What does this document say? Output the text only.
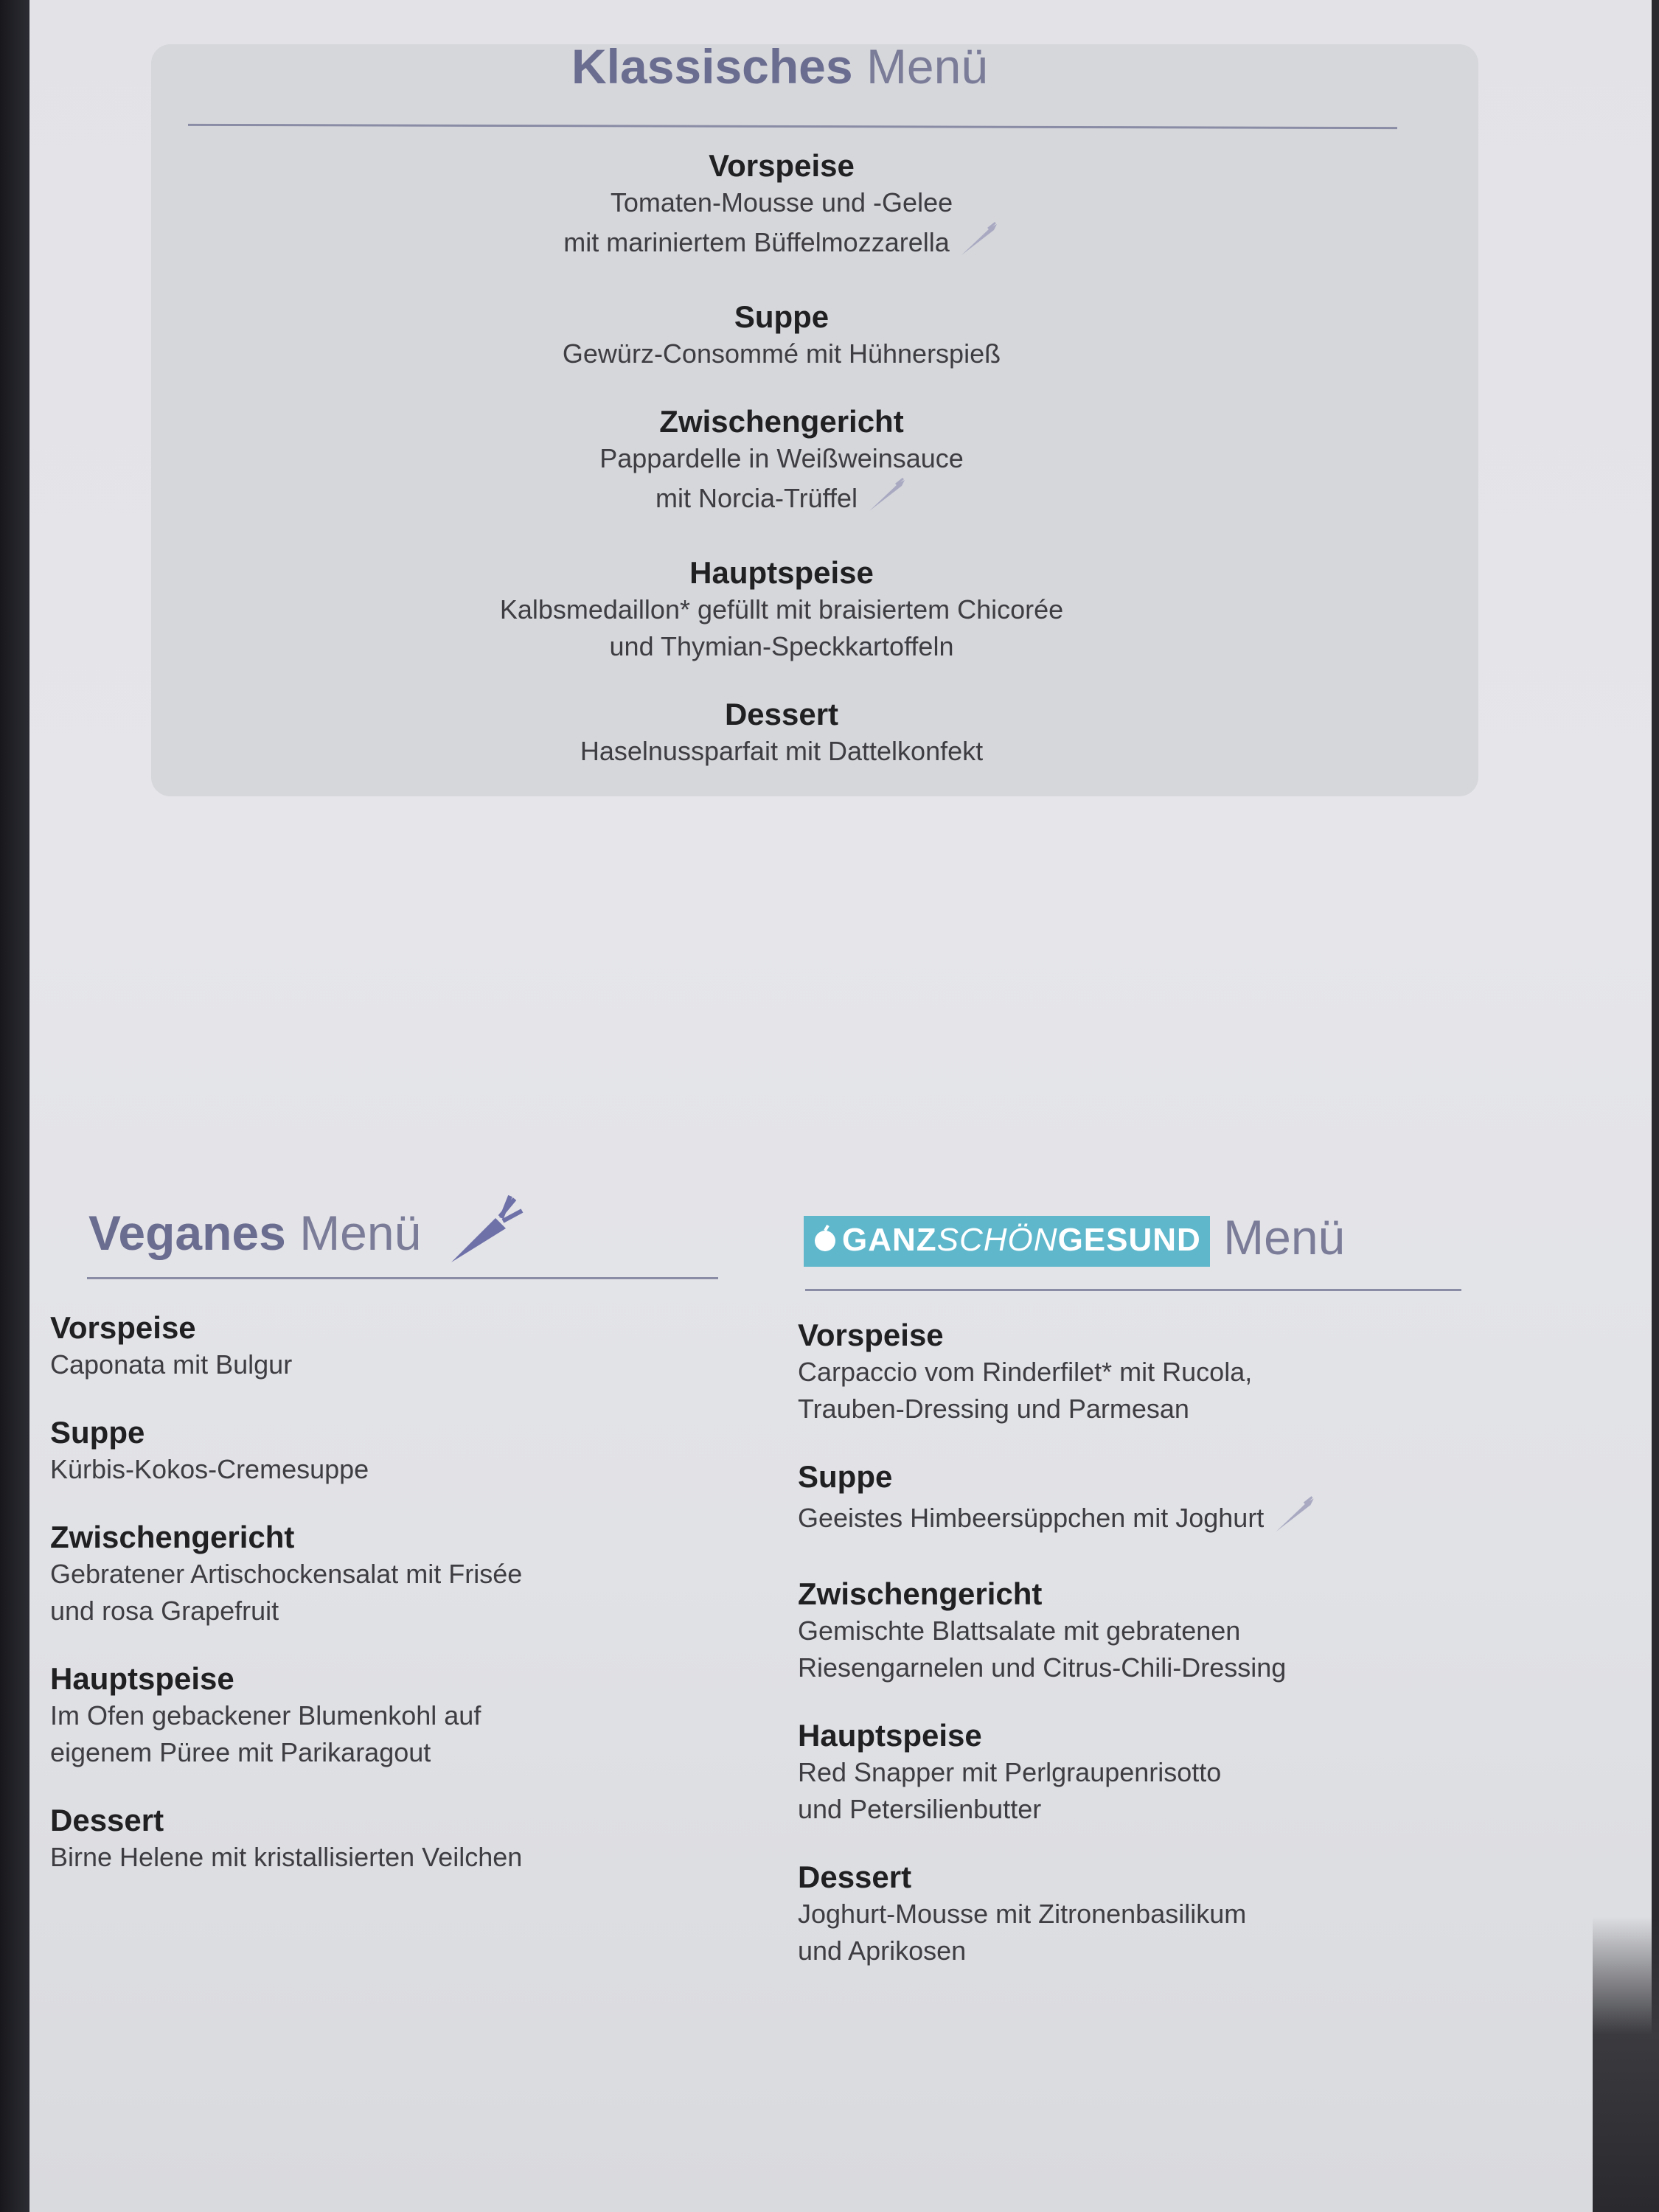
Klassisches Menü
Vorspeise
Tomaten-Mousse und -Gelee
mit mariniertem Büffelmozzarella
Suppe
Gewürz-Consommé mit Hühnerspieß
Zwischengericht
Pappardelle in Weißweinsauce
mit Norcia-Trüffel
Hauptspeise
Kalbsmedaillon* gefüllt mit braisiertem Chicorée
und Thymian-Speckkartoffeln
Dessert
Haselnussparfait mit Dattelkonfekt
Veganes Menü
Vorspeise
Caponata mit Bulgur
Suppe
Kürbis-Kokos-Cremesuppe
Zwischengericht
Gebratener Artischockensalat mit Frisée
und rosa Grapefruit
Hauptspeise
Im Ofen gebackener Blumenkohl auf
eigenem Püree mit Parikaragout
Dessert
Birne Helene mit kristallisierten Veilchen
GANZSCHÖNGESUND Menü
Vorspeise
Carpaccio vom Rinderfilet* mit Rucola,
Trauben-Dressing und Parmesan
Suppe
Geeistes Himbeersüppchen mit Joghurt
Zwischengericht
Gemischte Blattsalate mit gebratenen
Riesengarnelen und Citrus-Chili-Dressing
Hauptspeise
Red Snapper mit Perlgraupenrisotto
und Petersilienbutter
Dessert
Joghurt-Mousse mit Zitronenbasilikum
und Aprikosen
